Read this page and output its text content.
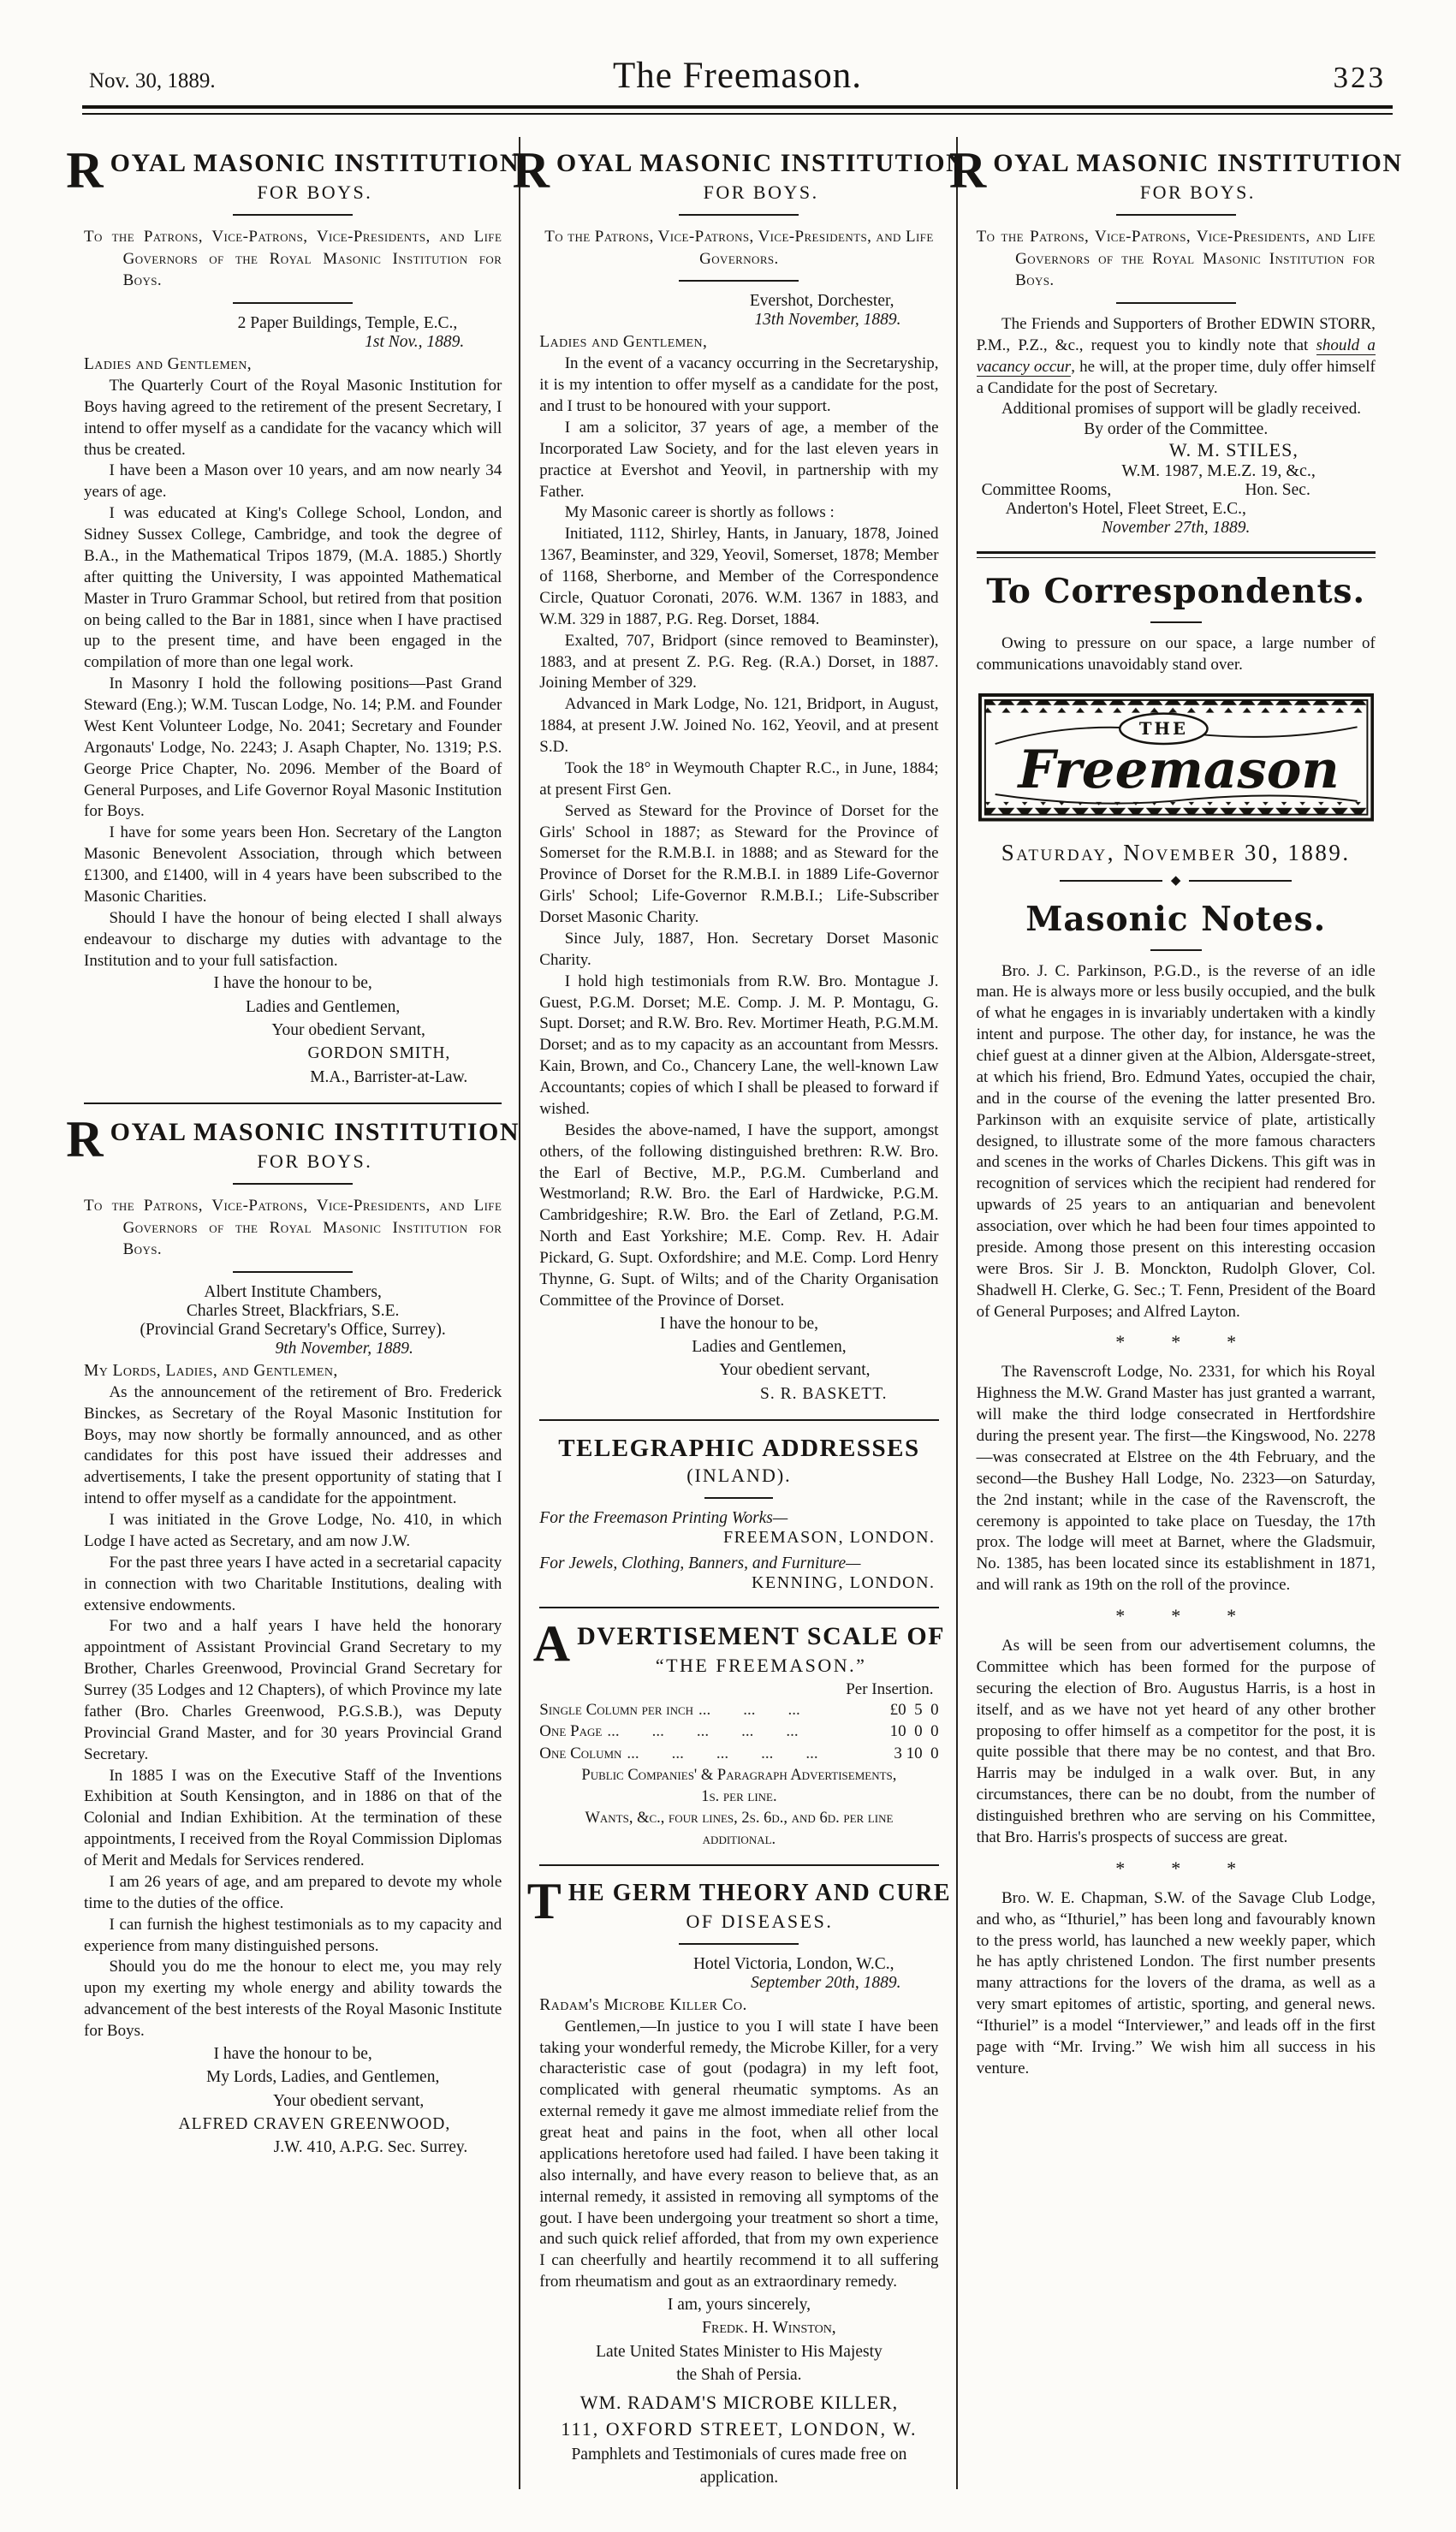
Nov. 30, 1889.	The Freemason.	323
R OYAL MASONIC INSTITUTION
FOR BOYS.

To the Patrons, Vice-Patrons, Vice-Presidents, and Life Governors of the Royal Masonic Institution for Boys.

2 Paper Buildings, Temple, E.C.,
1st Nov., 1889.
Ladies and Gentlemen,

The Quarterly Court of the Royal Masonic Institution for Boys having agreed to the retirement of the present Secretary, I intend to offer myself as a candidate for the vacancy which will thus be created.

I have been a Mason over 10 years, and am now nearly 34 years of age.

I was educated at King's College School, London, and Sidney Sussex College, Cambridge, and took the degree of B.A., in the Mathematical Tripos 1879, (M.A. 1885.) Shortly after quitting the University, I was appointed Mathematical Master in Truro Grammar School, but retired from that position on being called to the Bar in 1881, since when I have practised up to the present time, and have been engaged in the compilation of more than one legal work.

In Masonry I hold the following positions—Past Grand Steward (Eng.); W.M. Tuscan Lodge, No. 14; P.M. and Founder West Kent Volunteer Lodge, No. 2041; Secretary and Founder Argonauts' Lodge, No. 2243; J. Asaph Chapter, No. 1319; P.S. George Price Chapter, No. 2096. Member of the Board of General Purposes, and Life Governor Royal Masonic Institution for Boys.

I have for some years been Hon. Secretary of the Langton Masonic Benevolent Association, through which between £1300, and £1400, will in 4 years have been subscribed to the Masonic Charities.

Should I have the honour of being elected I shall always endeavour to discharge my duties with advantage to the Institution and to your full satisfaction.

I have the honour to be,
Ladies and Gentlemen,
Your obedient Servant,
GORDON SMITH,
M.A., Barrister-at-Law.
R OYAL MASONIC INSTITUTION
FOR BOYS.

To the Patrons, Vice-Patrons, Vice-Presidents, and Life Governors of the Royal Masonic Institution for Boys.

Albert Institute Chambers,
Charles Street, Blackfriars, S.E.
(Provincial Grand Secretary's Office, Surrey).
9th November, 1889.
My Lords, Ladies, and Gentlemen,

As the announcement of the retirement of Bro. Frederick Binckes, as Secretary of the Royal Masonic Institution for Boys, may now shortly be formally announced, and as other candidates for this post have issued their addresses and advertisements, I take the present opportunity of stating that I intend to offer myself as a candidate for the appointment.

I was initiated in the Grove Lodge, No. 410, in which Lodge I have acted as Secretary, and am now J.W.

For the past three years I have acted in a secretarial capacity in connection with two Charitable Institutions, dealing with extensive endowments.

For two and a half years I have held the honorary appointment of Assistant Provincial Grand Secretary to my Brother, Charles Greenwood, Provincial Grand Secretary for Surrey (35 Lodges and 12 Chapters), of which Province my late father (Bro. Charles Greenwood, P.G.S.B.), was Deputy Provincial Grand Master, and for 30 years Provincial Grand Secretary.

In 1885 I was on the Executive Staff of the Inventions Exhibition at South Kensington, and in 1886 on that of the Colonial and Indian Exhibition. At the termination of these appointments, I received from the Royal Commission Diplomas of Merit and Medals for Services rendered.

I am 26 years of age, and am prepared to devote my whole time to the duties of the office.

I can furnish the highest testimonials as to my capacity and experience from many distinguished persons.

Should you do me the honour to elect me, you may rely upon my exerting my whole energy and ability towards the advancement of the best interests of the Royal Masonic Institute for Boys.

I have the honour to be,
My Lords, Ladies, and Gentlemen,
Your obedient servant,
ALFRED CRAVEN GREENWOOD,
J.W. 410, A.P.G. Sec. Surrey.
R OYAL MASONIC INSTITUTION
FOR BOYS.

To the Patrons, Vice-Patrons, Vice-Presidents, and Life Governors.

Evershot, Dorchester,
13th November, 1889.
Ladies and Gentlemen,

In the event of a vacancy occurring in the Secretaryship, it is my intention to offer myself as a candidate for the post, and I trust to be honoured with your support.

I am a solicitor, 37 years of age, a member of the Incorporated Law Society, and for the last eleven years in practice at Evershot and Yeovil, in partnership with my Father.

My Masonic career is shortly as follows :

Initiated, 1112, Shirley, Hants, in January, 1878, Joined 1367, Beaminster, and 329, Yeovil, Somerset, 1878; Member of 1168, Sherborne, and Member of the Correspondence Circle, Quatuor Coronati, 2076. W.M. 1367 in 1883, and W.M. 329 in 1887, P.G. Reg. Dorset, 1884.

Exalted, 707, Bridport (since removed to Beaminster), 1883, and at present Z. P.G. Reg. (R.A.) Dorset, in 1887. Joining Member of 329.

Advanced in Mark Lodge, No. 121, Bridport, in August, 1884, at present J.W. Joined No. 162, Yeovil, and at present S.D.

Took the 18° in Weymouth Chapter R.C., in June, 1884; at present First Gen.

Served as Steward for the Province of Dorset for the Girls' School in 1887; as Steward for the Province of Somerset for the R.M.B.I. in 1888; and as Steward for the Province of Dorset for the R.M.B.I. in 1889 Life-Governor Girls' School; Life-Governor R.M.B.I.; Life-Subscriber Dorset Masonic Charity.

Since July, 1887, Hon. Secretary Dorset Masonic Charity.

I hold high testimonials from R.W. Bro. Montague J. Guest, P.G.M. Dorset; M.E. Comp. J. M. P. Montagu, G. Supt. Dorset; and R.W. Bro. Rev. Mortimer Heath, P.G.M.M. Dorset; and as to my capacity as an accountant from Messrs. Kain, Brown, and Co., Chancery Lane, the well-known Law Accountants; copies of which I shall be pleased to forward if wished.

Besides the above-named, I have the support, amongst others, of the following distinguished brethren: R.W. Bro. the Earl of Bective, M.P., P.G.M. Cumberland and Westmorland; R.W. Bro. the Earl of Hardwicke, P.G.M. Cambridgeshire; R.W. Bro. the Earl of Zetland, P.G.M. North and East Yorkshire; M.E. Comp. Rev. H. Adair Pickard, G. Supt. Oxfordshire; and M.E. Comp. Lord Henry Thynne, G. Supt. of Wilts; and of the Charity Organisation Committee of the Province of Dorset.

I have the honour to be,
Ladies and Gentlemen,
Your obedient servant,
S. R. BASKETT.
TELEGRAPHIC ADDRESSES
(INLAND).
For the Freemason Printing Works—
FREEMASON, LONDON.
For Jewels, Clothing, Banners, and Furniture—
KENNING, LONDON.
A DVERTISEMENT SCALE OF
“THE FREEMASON.”
Per Insertion.
Single Column per inch ...        ...        ...	£0  5  0
One Page ...        ...        ...        ...        ...	10  0  0
One Column ...        ...        ...        ...        ...	3 10  0
Public Companies' & Paragraph Advertisements,
1s. per line.
Wants, &c., four lines, 2s. 6d., and 6d. per line
additional.
T HE GERM THEORY AND CURE
OF DISEASES.
Hotel Victoria, London, W.C.,
September 20th, 1889.
Radam's Microbe Killer Co.

Gentlemen,—In justice to you I will state I have been taking your wonderful remedy, the Microbe Killer, for a very characteristic case of gout (podagra) in my left foot, complicated with general rheumatic symptoms. As an external remedy it gave me almost immediate relief from the great heat and pains in the foot, when all other local applications heretofore used had failed. I have been taking it also internally, and have every reason to believe that, as an internal remedy, it assisted in removing all symptoms of the gout. I have been undergoing your treatment so short a time, and such quick relief afforded, that from my own experience I can cheerfully and heartily recommend it to all suffering from rheumatism and gout as an extraordinary remedy.

I am, yours sincerely,
Fredk. H. Winston,
Late United States Minister to His Majesty
the Shah of Persia.
WM. RADAM'S MICROBE KILLER,
111, OXFORD STREET, LONDON, W.
Pamphlets and Testimonials of cures made free on
application.
R OYAL MASONIC INSTITUTION
FOR BOYS.

To the Patrons, Vice-Patrons, Vice-Presidents, and Life Governors of the Royal Masonic Institution for Boys.

The Friends and Supporters of Brother EDWIN STORR, P.M., P.Z., &c., request you to kindly note that should a vacancy occur, he will, at the proper time, duly offer himself a Candidate for the post of Secretary.

Additional promises of support will be gladly received.

By order of the Committee.
W. M. STILES,
W.M. 1987, M.E.Z. 19, &c.,
Committee Rooms,	Hon. Sec.
Anderton's Hotel, Fleet Street, E.C.,
November 27th, 1889.
To Correspondents.

Owing to pressure on our space, a large number of communications unavoidably stand over.

THE
Freemason
Saturday, November 30, 1889.
◆
Masonic Notes.

Bro. J. C. Parkinson, P.G.D., is the reverse of an idle man. He is always more or less busily occupied, and the bulk of what he engages in is invariably undertaken with a kindly intent and purpose. The other day, for instance, he was the chief guest at a dinner given at the Albion, Aldersgate-street, at which his friend, Bro. Edmund Yates, occupied the chair, and in the course of the evening the latter presented Bro. Parkinson with an exquisite service of plate, artistically designed, to illustrate some of the more famous characters and scenes in the works of Charles Dickens. This gift was in recognition of services which the recipient had rendered for upwards of 25 years to an antiquarian and benevolent association, over which he had been four times appointed to preside. Among those present on this interesting occasion were Bros. Sir J. B. Monckton, Rudolph Glover, Col. Shadwell H. Clerke, G. Sec.; T. Fenn, President of the Board of General Purposes; and Alfred Layton.

* * *

The Ravenscroft Lodge, No. 2331, for which his Royal Highness the M.W. Grand Master has just granted a warrant, will make the third lodge consecrated in Hertfordshire during the present year. The first—the Kingswood, No. 2278—was consecrated at Elstree on the 4th February, and the second—the Bushey Hall Lodge, No. 2323—on Saturday, the 2nd instant; while in the case of the Ravenscroft, the ceremony is appointed to take place on Tuesday, the 17th prox. The lodge will meet at Barnet, where the Gladsmuir, No. 1385, has been located since its establishment in 1871, and will rank as 19th on the roll of the province.

* * *

As will be seen from our advertisement columns, the Committee which has been formed for the purpose of securing the election of Bro. Augustus Harris, is a host in itself, and as we have not yet heard of any other brother proposing to offer himself as a competitor for the post, it is quite possible that there may be no contest, and that Bro. Harris may be indulged in a walk over. But, in any circumstances, there can be no doubt, from the number of distinguished brethren who are serving on his Committee, that Bro. Harris's prospects of success are great.

* * *

Bro. W. E. Chapman, S.W. of the Savage Club Lodge, and who, as “Ithuriel,” has been long and favourably known to the press world, has launched a new weekly paper, which he has aptly christened London. The first number presents many attractions for the lovers of the drama, as well as a very smart epitomes of artistic, sporting, and general news. “Ithuriel” is a model “Interviewer,” and leads off in the first page with “Mr. Irving.” We wish him all success in his venture.
